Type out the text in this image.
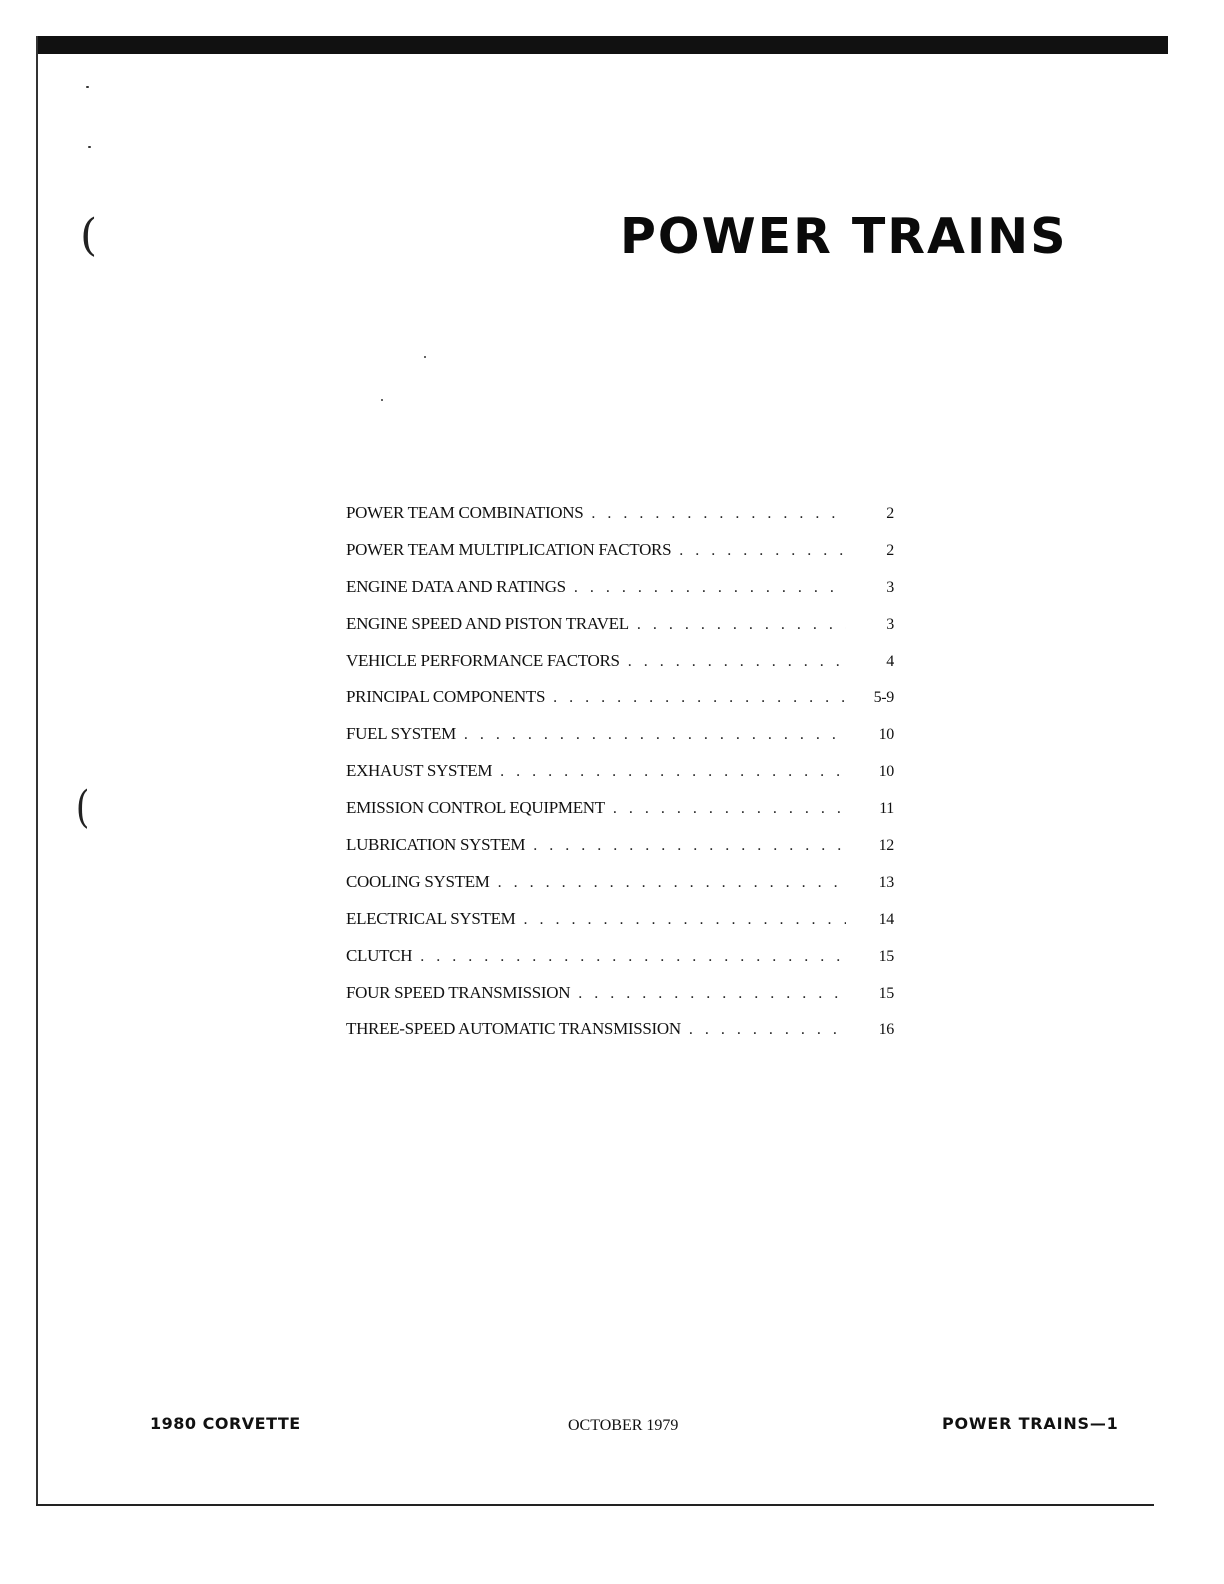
(
(
POWER TRAINS
POWER TEAM COMBINATIONS . . .	2
POWER TEAM MULTIPLICATION FACTORS . . .	2
ENGINE DATA AND RATINGS . . .	3
ENGINE SPEED AND PISTON TRAVEL . . .	3
VEHICLE PERFORMANCE FACTORS . . .	4
PRINCIPAL COMPONENTS . . .	5-9
FUEL SYSTEM . . .	10
EXHAUST SYSTEM . . .	10
EMISSION CONTROL EQUIPMENT . . .	11
LUBRICATION SYSTEM . . .	12
COOLING SYSTEM . . .	13
ELECTRICAL SYSTEM . . .	14
CLUTCH . . .	15
FOUR SPEED TRANSMISSION . . .	15
THREE-SPEED AUTOMATIC TRANSMISSION . . .	16
1980 CORVETTE	OCTOBER 1979	POWER TRAINS—1
